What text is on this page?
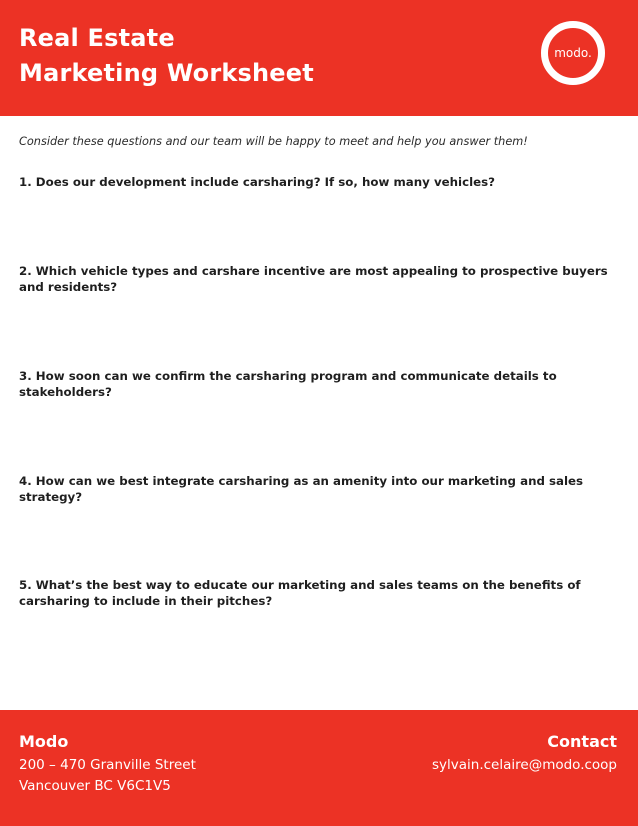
Real Estate
Marketing Worksheet
modo.

Consider these questions and our team will be happy to meet and help you answer them!

1. Does our development include carsharing? If so, how many vehicles?

2. Which vehicle types and carshare incentive are most appealing to prospective buyers and residents?

3. How soon can we confirm the carsharing program and communicate details to stakeholders?

4. How can we best integrate carsharing as an amenity into our marketing and sales strategy?

5. What’s the best way to educate our marketing and sales teams on the benefits of carsharing to include in their pitches?

Modo
200 – 470 Granville Street
Vancouver BC V6C1V5
Contact
sylvain.celaire@modo.coop
